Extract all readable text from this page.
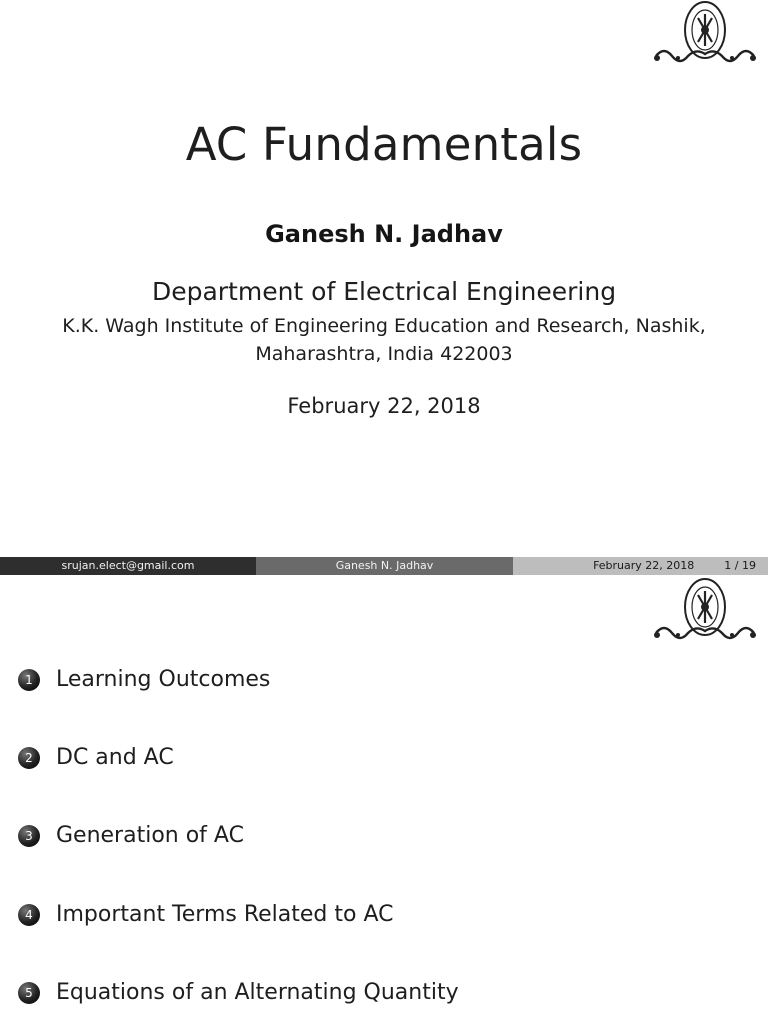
AC Fundamentals
Ganesh N. Jadhav
Department of Electrical Engineering
K.K. Wagh Institute of Engineering Education and Research, Nashik,
Maharashtra, India 422003
February 22, 2018
srujan.elect@gmail.com	Ganesh N. Jadhav	February 22, 2018	1 / 19
1	Learning Outcomes
2	DC and AC
3	Generation of AC
4	Important Terms Related to AC
5	Equations of an Alternating Quantity
